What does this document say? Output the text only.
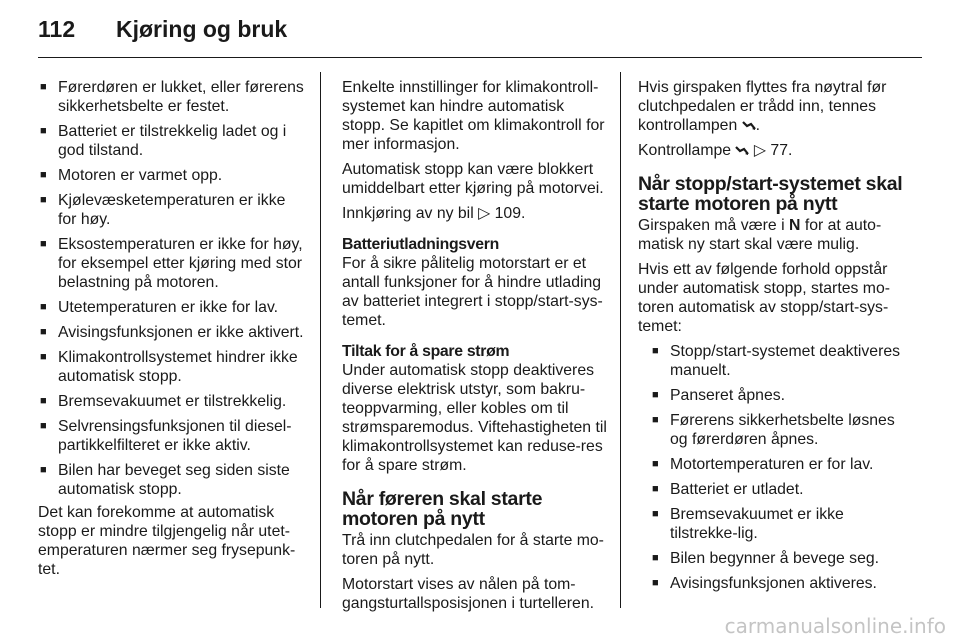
112	Kjøring og bruk
■ Førerdøren er lukket, eller førerens sikkerhetsbelte er festet.
■ Batteriet er tilstrekkelig ladet og i god tilstand.
■ Motoren er varmet opp.
■ Kjølevæsketemperaturen er ikke for høy.
■ Eksostemperaturen er ikke for høy, for eksempel etter kjøring med stor belastning på motoren.
■ Utetemperaturen er ikke for lav.
■ Avisingsfunksjonen er ikke aktivert.
■ Klimakontrollsystemet hindrer ikke automatisk stopp.
■ Bremsevakuumet er tilstrekkelig.
■ Selvrensingsfunksjonen til diesel-partikkelfilteret er ikke aktiv.
■ Bilen har beveget seg siden siste automatisk stopp.

Det kan forekomme at automatisk stopp er mindre tilgjengelig når utet-emperaturen nærmer seg frysepunk-tet.

Enkelte innstillinger for klimakontroll-systemet kan hindre automatisk stopp. Se kapitlet om klimakontroll for mer informasjon.

Automatisk stopp kan være blokkert umiddelbart etter kjøring på motorvei.

Innkjøring av ny bil ▷ 109.

Batteriutladningsvern

For å sikre pålitelig motorstart er et antall funksjoner for å hindre utlading av batteriet integrert i stopp/start-sys-temet.

Tiltak for å spare strøm

Under automatisk stopp deaktiveres diverse elektrisk utstyr, som bakru-teoppvarming, eller kobles om til strømsparemodus. Viftehastigheten til klimakontrollsystemet kan reduse-res for å spare strøm.

Når føreren skal starte motoren på nytt

Trå inn clutchpedalen for å starte mo-toren på nytt.

Motorstart vises av nålen på tom-gangsturtallsposisjonen i turtelleren.

Hvis girspaken flyttes fra nøytral før clutchpedalen er trådd inn, tennes kontrollampen .

Kontrollampe ▷ 77.

Når stopp/start-systemet skal starte motoren på nytt

Girspaken må være i N for at auto-matisk ny start skal være mulig.

Hvis ett av følgende forhold oppstår under automatisk stopp, startes mo-toren automatisk av stopp/start-sys-temet:

■ Stopp/start-systemet deaktiveres manuelt.
■ Panseret åpnes.
■ Førerens sikkerhetsbelte løsnes og førerdøren åpnes.
■ Motortemperaturen er for lav.
■ Batteriet er utladet.
■ Bremsevakuumet er ikke tilstrekke-lig.
■ Bilen begynner å bevege seg.
■ Avisingsfunksjonen aktiveres.
carmanualsonline.info
